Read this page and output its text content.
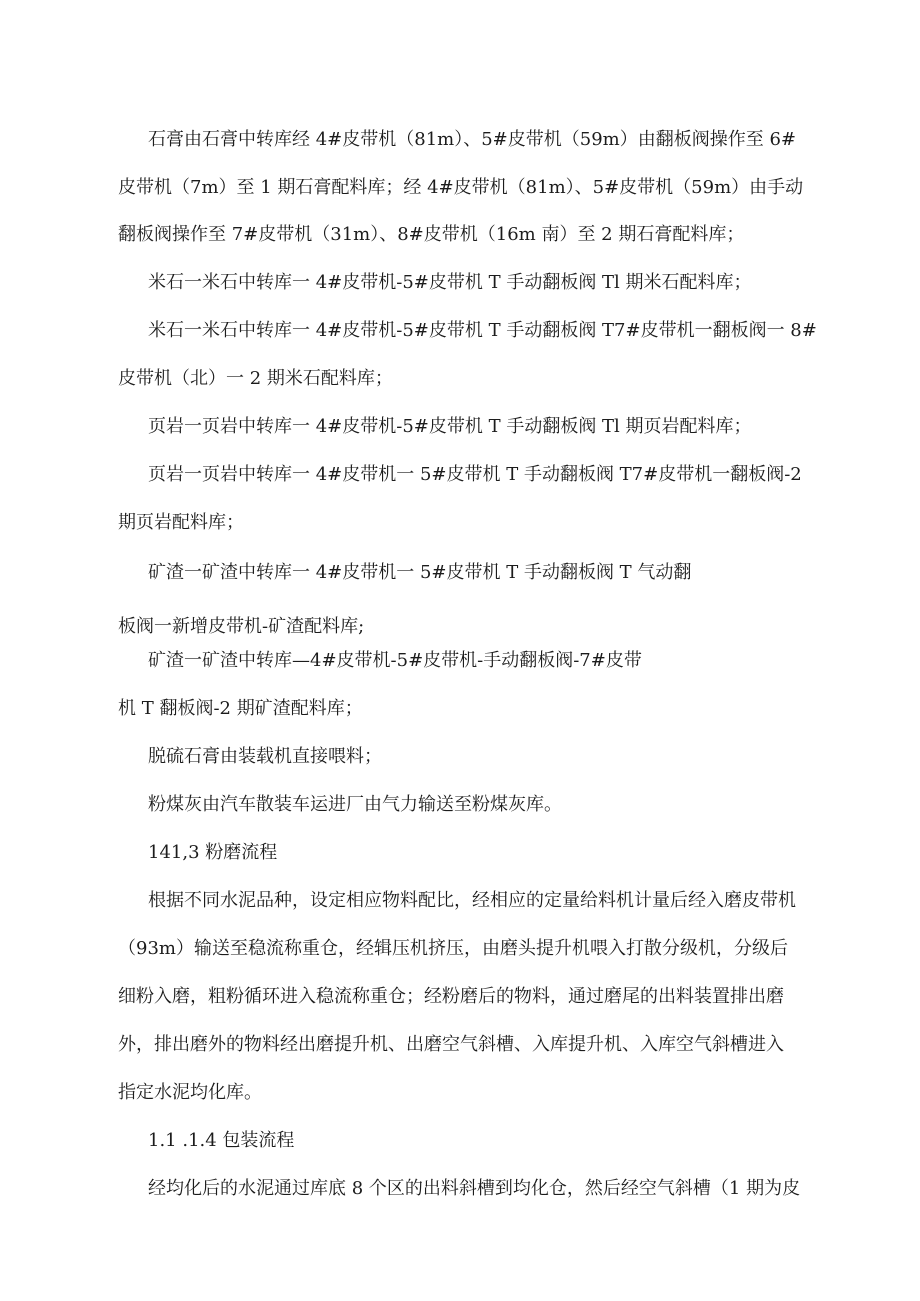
石膏由石膏中转库经 4#皮带机（81m）、5#皮带机（59m）由翻板阀操作至 6#

皮带机（7m）至 1 期石膏配料库；经 4#皮带机（81m）、5#皮带机（59m）由手动

翻板阀操作至 7#皮带机（31m）、8#皮带机（16m 南）至 2 期石膏配料库；

米石一米石中转库一 4#皮带机-5#皮带机 T 手动翻板阀 Tl 期米石配料库；

米石一米石中转库一 4#皮带机-5#皮带机 T 手动翻板阀 T7#皮带机一翻板阀一 8#

皮带机（北）一 2 期米石配料库；

页岩一页岩中转库一 4#皮带机-5#皮带机 T 手动翻板阀 Tl 期页岩配料库；

页岩一页岩中转库一 4#皮带机一 5#皮带机 T 手动翻板阀 T7#皮带机一翻板阀-2

期页岩配料库；

矿渣一矿渣中转库一 4#皮带机一 5#皮带机 T 手动翻板阀 T 气动翻

板阀一新增皮带机-矿渣配料库;

矿渣一矿渣中转库—4#皮带机-5#皮带机-手动翻板阀-7#皮带

机 T 翻板阀-2 期矿渣配料库；

脱硫石膏由装载机直接喂料；

粉煤灰由汽车散装车运进厂由气力输送至粉煤灰库。

141,3 粉磨流程

根据不同水泥品种，设定相应物料配比，经相应的定量给料机计量后经入磨皮带机

（93m）输送至稳流称重仓，经辑压机挤压，由磨头提升机喂入打散分级机，分级后

细粉入磨，粗粉循环进入稳流称重仓；经粉磨后的物料，通过磨尾的出料装置排出磨

外，排出磨外的物料经出磨提升机、出磨空气斜槽、入库提升机、入库空气斜槽进入

指定水泥均化库。

1.1 .1.4 包装流程

经均化后的水泥通过库底 8 个区的出料斜槽到均化仓，然后经空气斜槽（1 期为皮
